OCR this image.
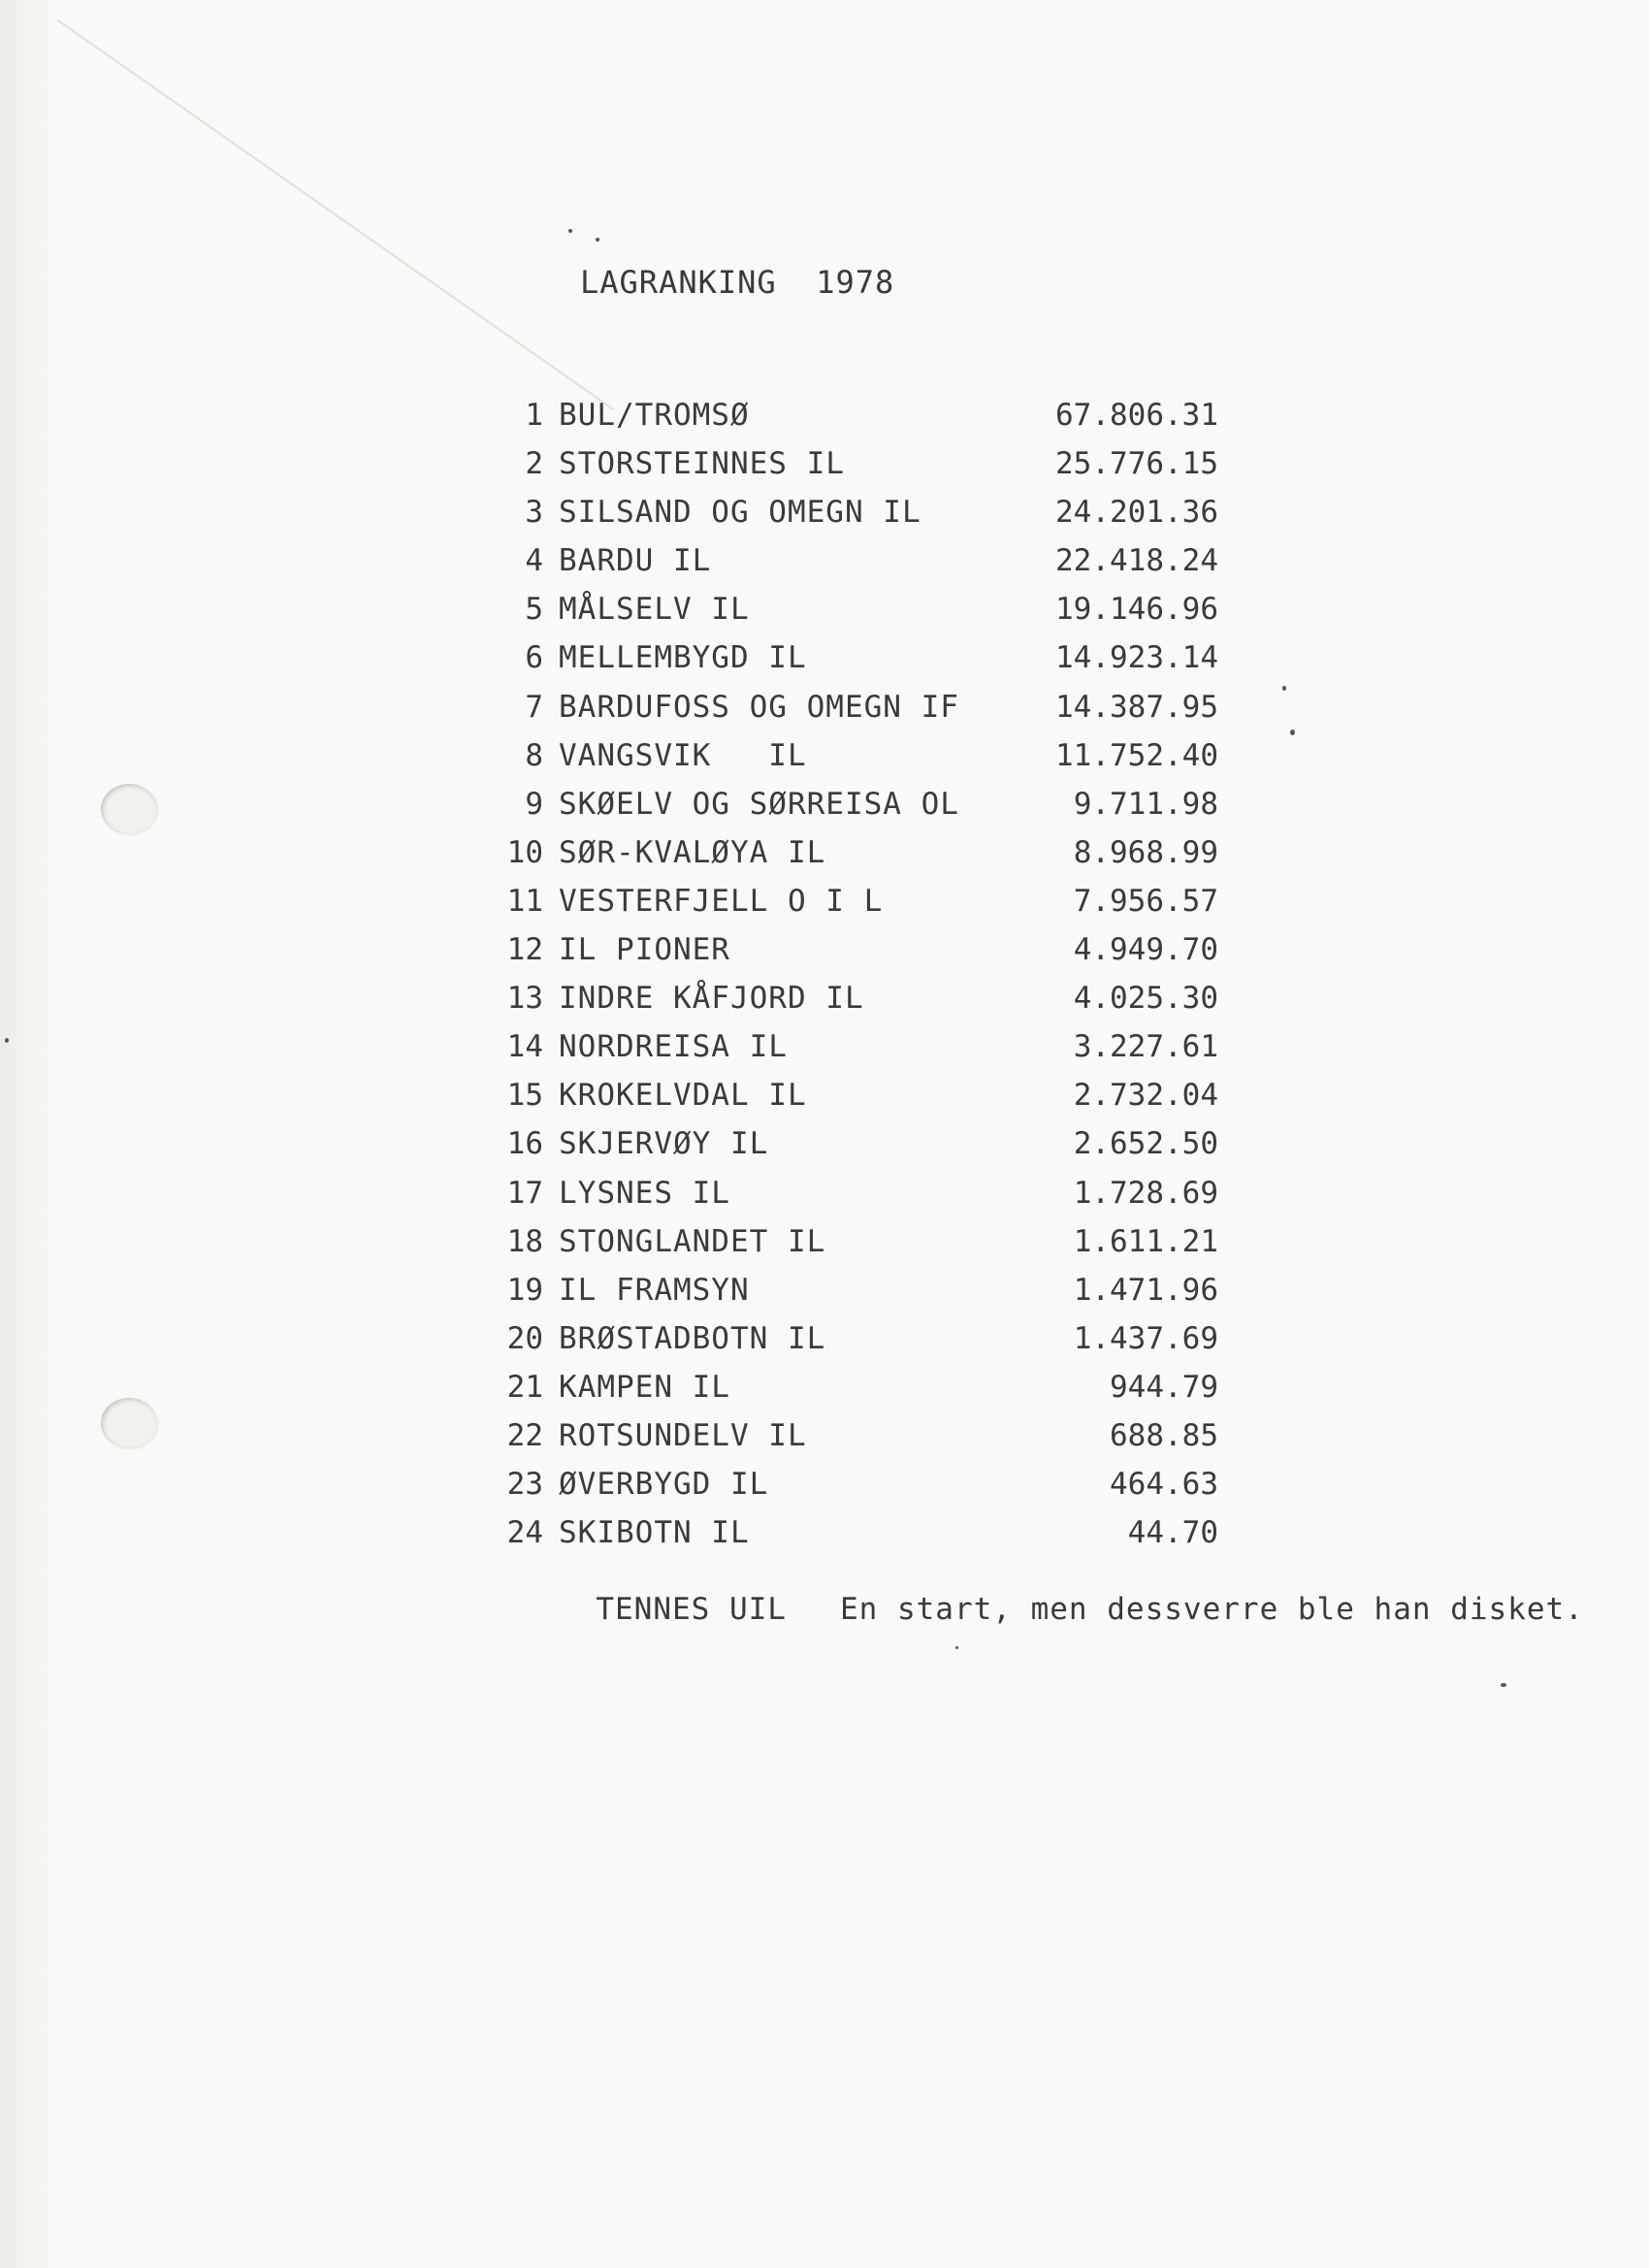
LAGRANKING  1978
1 BUL/TROMSØ	67.806.31
2 STORSTEINNES IL	25.776.15
3 SILSAND OG OMEGN IL	24.201.36
4 BARDU IL	22.418.24
5 MÅLSELV IL	19.146.96
6 MELLEMBYGD IL	14.923.14
7 BARDUFOSS OG OMEGN IF	14.387.95
8 VANGSVIK   IL	11.752.40
9 SKØELV OG SØRREISA OL	9.711.98
10 SØR-KVALØYA IL	8.968.99
11 VESTERFJELL O I L	7.956.57
12 IL PIONER	4.949.70
13 INDRE KÅFJORD IL	4.025.30
14 NORDREISA IL	3.227.61
15 KROKELVDAL IL	2.732.04
16 SKJERVØY IL	2.652.50
17 LYSNES IL	1.728.69
18 STONGLANDET IL	1.611.21
19 IL FRAMSYN	1.471.96
20 BRØSTADBOTN IL	1.437.69
21 KAMPEN IL	944.79
22 ROTSUNDELV IL	688.85
23 ØVERBYGD IL	464.63
24 SKIBOTN IL	44.70

TENNES UIL En start, men dessverre ble han disket.
